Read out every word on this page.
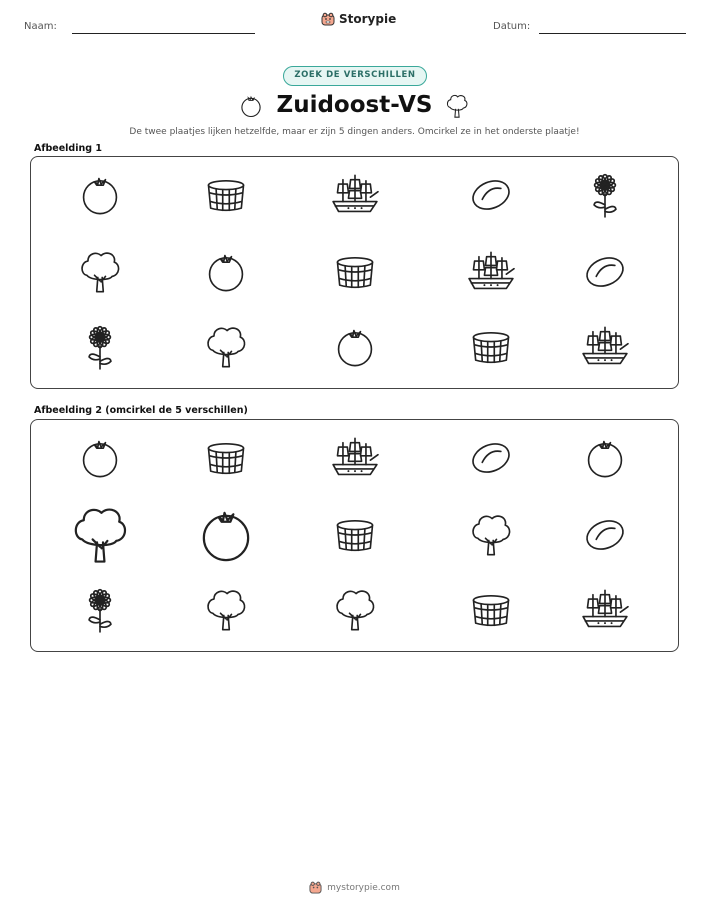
Naam:
Storypie
Datum:
ZOEK DE VERSCHILLEN
Zuidoost-VS
De twee plaatjes lijken hetzelfde, maar er zijn 5 dingen anders. Omcirkel ze in het onderste plaatje!
Afbeelding 1
Afbeelding 2 (omcirkel de 5 verschillen)
mystorypie.com
